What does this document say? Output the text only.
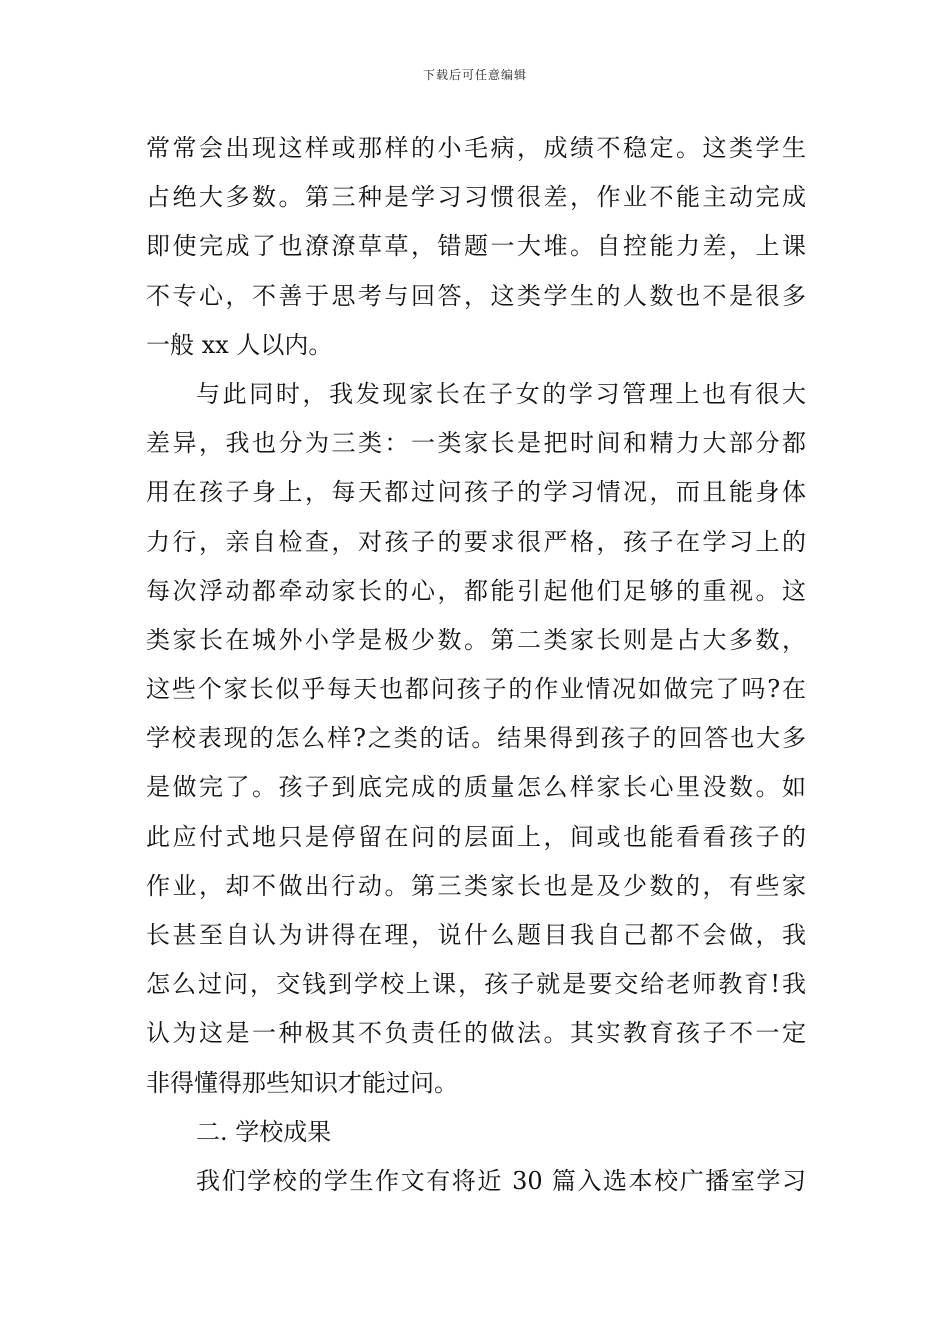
下载后可任意编辑
常常会出现这样或那样的小毛病，成绩不稳定。这类学生
占绝大多数。第三种是学习习惯很差，作业不能主动完成
即使完成了也潦潦草草，错题一大堆。自控能力差，上课
不专心，不善于思考与回答，这类学生的人数也不是很多
一般 xx 人以内。
与此同时，我发现家长在子女的学习管理上也有很大
差异，我也分为三类：一类家长是把时间和精力大部分都
用在孩子身上，每天都过问孩子的学习情况，而且能身体
力行，亲自检查，对孩子的要求很严格，孩子在学习上的
每次浮动都牵动家长的心，都能引起他们足够的重视。这
类家长在城外小学是极少数。第二类家长则是占大多数，
这些个家长似乎每天也都问孩子的作业情况如做完了吗?在
学校表现的怎么样?之类的话。结果得到孩子的回答也大多
是做完了。孩子到底完成的质量怎么样家长心里没数。如
此应付式地只是停留在问的层面上，间或也能看看孩子的
作业，却不做出行动。第三类家长也是及少数的，有些家
长甚至自认为讲得在理，说什么题目我自己都不会做，我
怎么过问，交钱到学校上课，孩子就是要交给老师教育!我
认为这是一种极其不负责任的做法。其实教育孩子不一定
非得懂得那些知识才能过问。
二. 学校成果
我们学校的学生作文有将近 30 篇入选本校广播室学习
